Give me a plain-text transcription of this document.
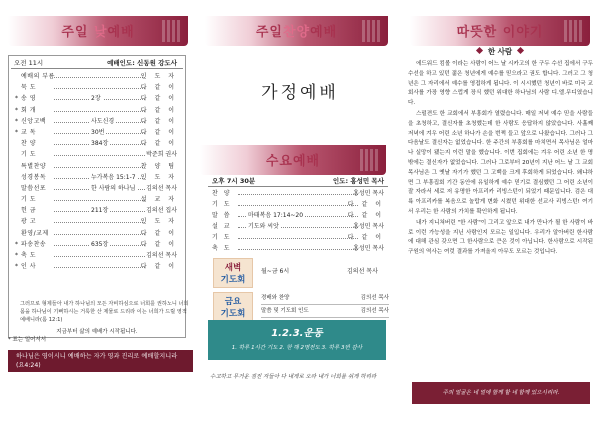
주일 낮예배
오전 11시	예배인도: 신동원 강도사
예배의 부름	인 도 자
묵 도	다 같 이
* 송 영	2장	다 같 이
* 회 개	다 같 이
* 신앙고백	사도신경	다 같 이
* 교 독	30번	다 같 이
찬 양	384장	다 같 이
기 도	박준희 권사
특별찬양	찬 양 팀
성경봉독	누가복음 15:1-7 인 도 자
말씀선포	한 사람의 하나님	김의선 목사
기 도	설 교 자
헌 금	211장	김의선 집사
광 고	인 도 자
환영/교제	다 같 이
* 파송찬송	635장	다 같 이
* 축 도	김의선 목사
* 인 사	다 같 이
지금부터 삶의 예배가 시작됩니다.
그러므로 형제들아 내가 하나님의 모든 자비하심으로 너희를 권하노니 너희 몸을 하나님이 기뻐하시는 거룩한 산 제물로 드리라 이는 너희가 드릴 영적 예배니라(롬 12:1)
* 표는 일어서서
하나님은 영이시니 예배하는 자가 영과 진리로 예배할지니라 (요4:24)
주일찬양예배
가정예배
수요예배
오후 7시 30분	인도: 홍성민 목사
찬 양	홍성민 목사
기 도	다 같 이
말 씀	마태복음 17:14~20	다 같 이
설 교	기도와 씨앗	홍성민 목사
기 도	다 같 이
축 도	홍성민 목사
새벽
기도회
월~금 6시	김의선 목사
금요
기도회
경배와 찬양	김의선 목사
말씀 및 기도회 인도	김의선 목사
1.2.3.운동
1. 하루 1시간 기도 2. 한 해 2명전도 3. 하루 3번 감사
수고하고 무거운 짐진 자들아 다 내게로 오라 내가 너희를 쉬게 하리라
따뜻한 이야기
한 사람

에드워드 킴볼 이라는 사람이 어느 날 시카고의 한 구두 수선 집에서 구두수선을 하고 있던 젊은 청년에게 예수를 믿으라고 권도 합니다. 그러고 그 청년은 그 자리에서 예수를 영접하게 됩니다. 이 시시했던 청년이 바로 미국 교회사를 가장 영향 스럽게 장식 했던 위대한 하나님의 사람 디.엘.무디였습니다.

스펄젼도 한 교회에서 부흥회가 열렸습니다. 매일 저녁 예수 믿을 사람들을 초청하고, 결신자를 초청했는데 한 사람도 응답하지 않았습니다. 사흘째 저녁에 겨우 어린 소년 하나가 손을 번쩍 들고 앞으로 나왔습니다. 그러나 그 다음날도 결신자는 없었습니다. 한 주간의 부흥회를 마치면서 목사님은 얼마나 실망이 됐는지 이런 말을 했습니다. 이번 집회에는 겨우 어린 소년 한 명 밖에는 결신자가 없었습니다. 그러나 그로부터 20년이 지난 어느 날 그 교회 목사님은 그 옛날 자기가 했던 그 고백을 크게 후회하게 되었습니다. 왜냐하면 그 부흥집회 기간 동안에 유일하게 예수 믿기로 결심했던 그 어린 소년이 잘 자라서 세로 저 유명한 아프리카 리빙스턴이 되었기 때문입니다. 검은 대륙 아프리카를 복음으로 놀랍게 변화 시켰던 위대한 선교사 리빙스턴! 여기서 우리는 한 사람의 가치를 확인하게 됩니다.

내가 지니쳐버린 "한 사람"이 그리고 앞으로 내가 만나가 될 한 사람이 바로 이런 가능성을 지닌 사람인지 모르는 일입니다. 우리가 알아버린 한사람에 대해 관심 갖으면 그 한사람으로 큰은 것이 아닙니다. 한사람으로 시작된 구원의 역사는 여럿 결과를 가져올지 아무도 모르는 것입니다.

주의 얼굴은 네 얼에 함께 할 네 함께 있으시리라.
